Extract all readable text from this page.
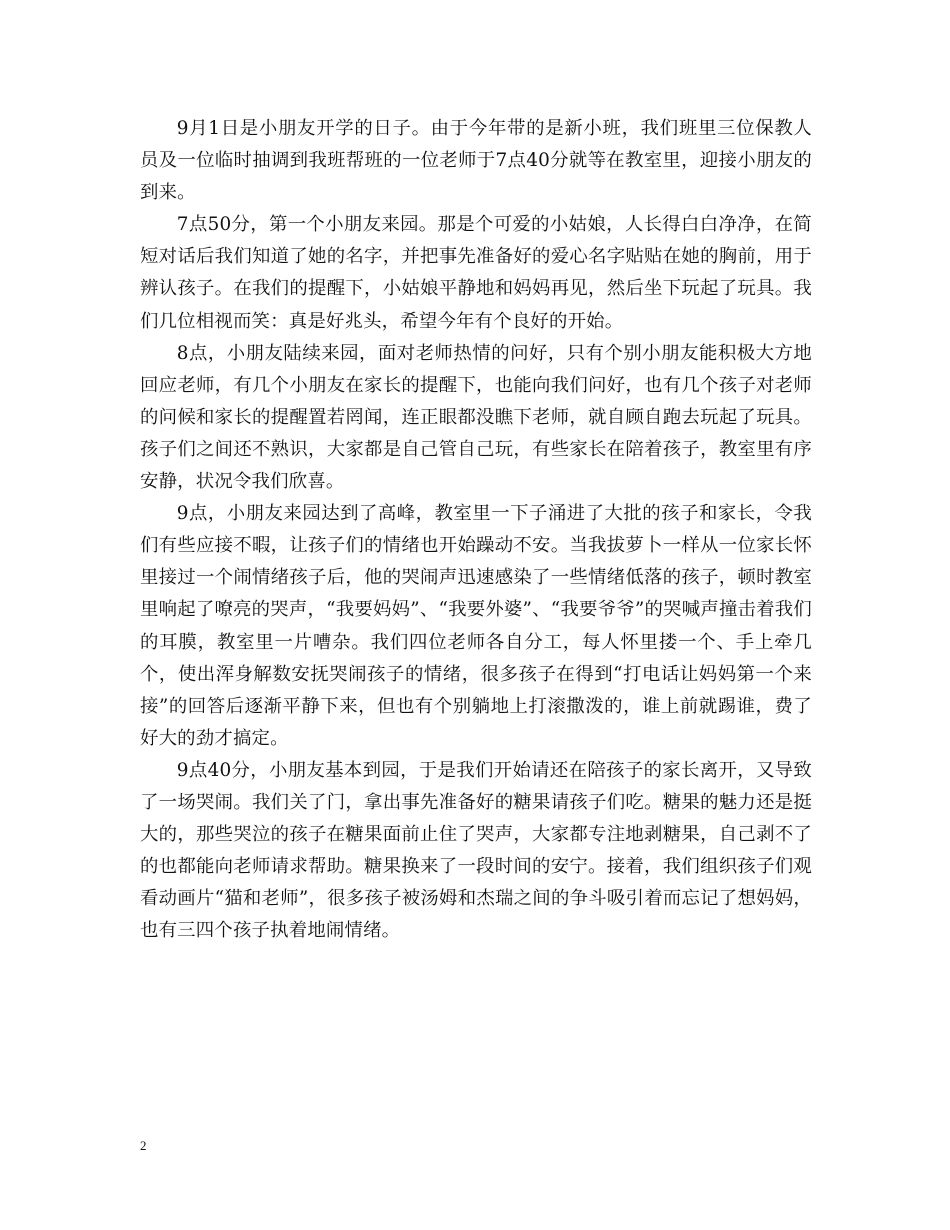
9月1日是小朋友开学的日子。由于今年带的是新小班，我们班里三位保教人员及一位临时抽调到我班帮班的一位老师于7点40分就等在教室里，迎接小朋友的到来。

7点50分，第一个小朋友来园。那是个可爱的小姑娘，人长得白白净净，在简短对话后我们知道了她的名字，并把事先准备好的爱心名字贴贴在她的胸前，用于辨认孩子。在我们的提醒下，小姑娘平静地和妈妈再见，然后坐下玩起了玩具。我们几位相视而笑：真是好兆头，希望今年有个良好的开始。

8点，小朋友陆续来园，面对老师热情的问好，只有个别小朋友能积极大方地回应老师，有几个小朋友在家长的提醒下，也能向我们问好，也有几个孩子对老师的问候和家长的提醒置若罔闻，连正眼都没瞧下老师，就自顾自跑去玩起了玩具。孩子们之间还不熟识，大家都是自己管自己玩，有些家长在陪着孩子，教室里有序安静，状况令我们欣喜。

9点，小朋友来园达到了高峰，教室里一下子涌进了大批的孩子和家长，令我们有些应接不暇，让孩子们的情绪也开始躁动不安。当我拔萝卜一样从一位家长怀里接过一个闹情绪孩子后，他的哭闹声迅速感染了一些情绪低落的孩子，顿时教室里响起了嘹亮的哭声，“我要妈妈”、“我要外婆”、“我要爷爷”的哭喊声撞击着我们的耳膜，教室里一片嘈杂。我们四位老师各自分工，每人怀里搂一个、手上牵几个，使出浑身解数安抚哭闹孩子的情绪，很多孩子在得到“打电话让妈妈第一个来接”的回答后逐渐平静下来，但也有个别躺地上打滚撒泼的，谁上前就踢谁，费了好大的劲才搞定。

9点40分，小朋友基本到园，于是我们开始请还在陪孩子的家长离开，又导致了一场哭闹。我们关了门，拿出事先准备好的糖果请孩子们吃。糖果的魅力还是挺大的，那些哭泣的孩子在糖果面前止住了哭声，大家都专注地剥糖果，自己剥不了的也都能向老师请求帮助。糖果换来了一段时间的安宁。接着，我们组织孩子们观看动画片“猫和老师”，很多孩子被汤姆和杰瑞之间的争斗吸引着而忘记了想妈妈，也有三四个孩子执着地闹情绪。

2
